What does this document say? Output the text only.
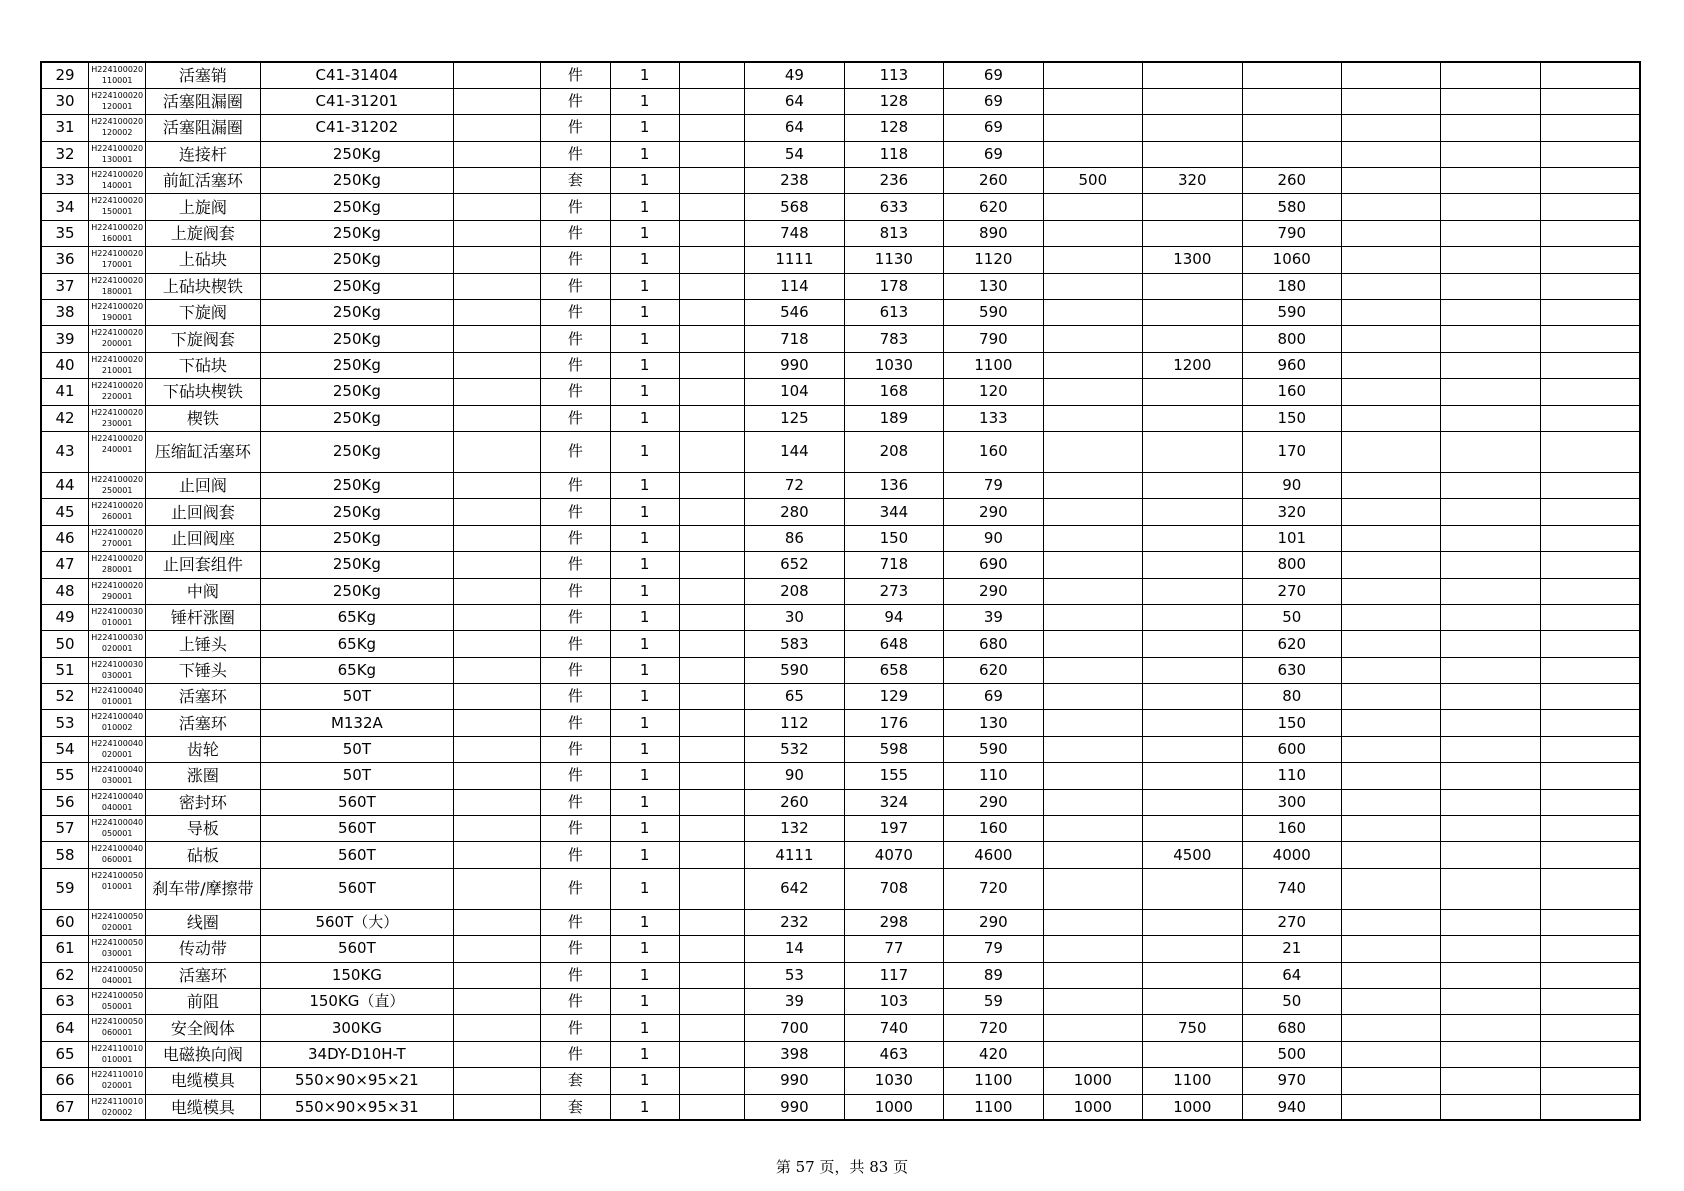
29	H224100020110001	活塞销	C41-31404		件	1		49	113	69						
30	H224100020120001	活塞阻漏圈	C41-31201		件	1		64	128	69						
31	H224100020120002	活塞阻漏圈	C41-31202		件	1		64	128	69						
32	H224100020130001	连接杆	250Kg		件	1		54	118	69						
33	H224100020140001	前缸活塞环	250Kg		套	1		238	236	260	500	320	260			
34	H224100020150001	上旋阀	250Kg		件	1		568	633	620			580			
35	H224100020160001	上旋阀套	250Kg		件	1		748	813	890			790			
36	H224100020170001	上砧块	250Kg		件	1		1111	1130	1120		1300	1060			
37	H224100020180001	上砧块楔铁	250Kg		件	1		114	178	130			180			
38	H224100020190001	下旋阀	250Kg		件	1		546	613	590			590			
39	H224100020200001	下旋阀套	250Kg		件	1		718	783	790			800			
40	H224100020210001	下砧块	250Kg		件	1		990	1030	1100		1200	960			
41	H224100020220001	下砧块楔铁	250Kg		件	1		104	168	120			160			
42	H224100020230001	楔铁	250Kg		件	1		125	189	133			150			
43	H224100020240001	压缩缸活塞环	250Kg		件	1		144	208	160			170			
44	H224100020250001	止回阀	250Kg		件	1		72	136	79			90			
45	H224100020260001	止回阀套	250Kg		件	1		280	344	290			320			
46	H224100020270001	止回阀座	250Kg		件	1		86	150	90			101			
47	H224100020280001	止回套组件	250Kg		件	1		652	718	690			800			
48	H224100020290001	中阀	250Kg		件	1		208	273	290			270			
49	H224100030010001	锤杆涨圈	65Kg		件	1		30	94	39			50			
50	H224100030020001	上锤头	65Kg		件	1		583	648	680			620			
51	H224100030030001	下锤头	65Kg		件	1		590	658	620			630			
52	H224100040010001	活塞环	50T		件	1		65	129	69			80			
53	H224100040010002	活塞环	M132A		件	1		112	176	130			150			
54	H224100040020001	齿轮	50T		件	1		532	598	590			600			
55	H224100040030001	涨圈	50T		件	1		90	155	110			110			
56	H224100040040001	密封环	560T		件	1		260	324	290			300			
57	H224100040050001	导板	560T		件	1		132	197	160			160			
58	H224100040060001	砧板	560T		件	1		4111	4070	4600		4500	4000			
59	H224100050010001	刹车带/摩擦带	560T		件	1		642	708	720			740			
60	H224100050020001	线圈	560T（大）		件	1		232	298	290			270			
61	H224100050030001	传动带	560T		件	1		14	77	79			21			
62	H224100050040001	活塞环	150KG		件	1		53	117	89			64			
63	H224100050050001	前阻	150KG（直）		件	1		39	103	59			50			
64	H224100050060001	安全阀体	300KG		件	1		700	740	720		750	680			
65	H224110010010001	电磁换向阀	34DY-D10H-T		件	1		398	463	420			500			
66	H224110010020001	电缆模具	550×90×95×21		套	1		990	1030	1100	1000	1100	970			
67	H224110010020002	电缆模具	550×90×95×31		套	1		990	1000	1100	1000	1000	940			
第 57 页，共 83 页
